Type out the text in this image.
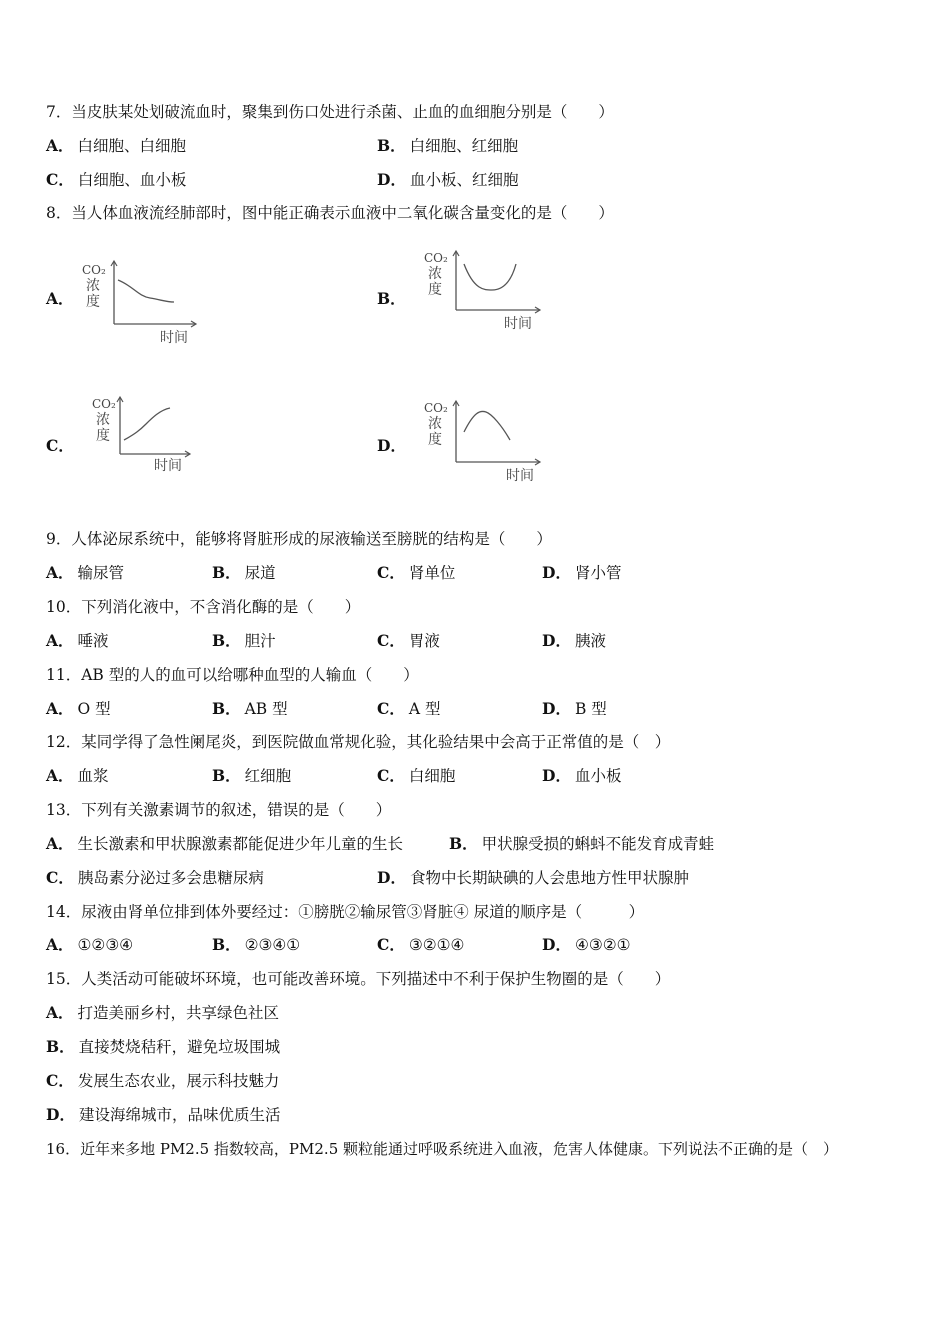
7．当皮肤某处划破流血时，聚集到伤口处进行杀菌、止血的血细胞分别是（　　）
A． 白细胞、白细胞	B． 白细胞、红细胞
C． 白细胞、血小板	D． 血小板、红细胞
8．当人体血液流经肺部时，图中能正确表示血液中二氧化碳含量变化的是（　　）
A．
CO₂
浓
度
时间
B．
CO₂
浓
度
时间
C．
CO₂
浓
度
时间
D．
CO₂
浓
度
时间
9．人体泌尿系统中，能够将肾脏形成的尿液输送至膀胱的结构是（　　）
A． 输尿管	B． 尿道	C． 肾单位	D． 肾小管
10．下列消化液中，不含消化酶的是（　　）
A． 唾液	B． 胆汁	C． 胃液	D． 胰液
11．AB 型的人的血可以给哪种血型的人输血（　　）
A． O 型	B． AB 型	C． A 型	D． B 型
12．某同学得了急性阑尾炎，到医院做血常规化验，其化验结果中会高于正常值的是（　）
A． 血浆	B． 红细胞	C． 白细胞	D． 血小板
13．下列有关激素调节的叙述，错误的是（　　）
A． 生长激素和甲状腺激素都能促进少年儿童的生长	B． 甲状腺受损的蝌蚪不能发育成青蛙
C． 胰岛素分泌过多会患糖尿病	D． 食物中长期缺碘的人会患地方性甲状腺肿
14．尿液由肾单位排到体外要经过：①膀胱②输尿管③肾脏④ 尿道的顺序是（　　　）
A． ①②③④	B． ②③④①	C． ③②①④	D． ④③②①
15．人类活动可能破坏环境，也可能改善环境。下列描述中不利于保护生物圈的是（　　）
A． 打造美丽乡村，共享绿色社区
B． 直接焚烧秸秆，避免垃圾围城
C． 发展生态农业，展示科技魅力
D． 建设海绵城市，品味优质生活
16．近年来多地 PM2.5 指数较高，PM2.5 颗粒能通过呼吸系统进入血液，危害人体健康。下列说法不正确的是（　）
